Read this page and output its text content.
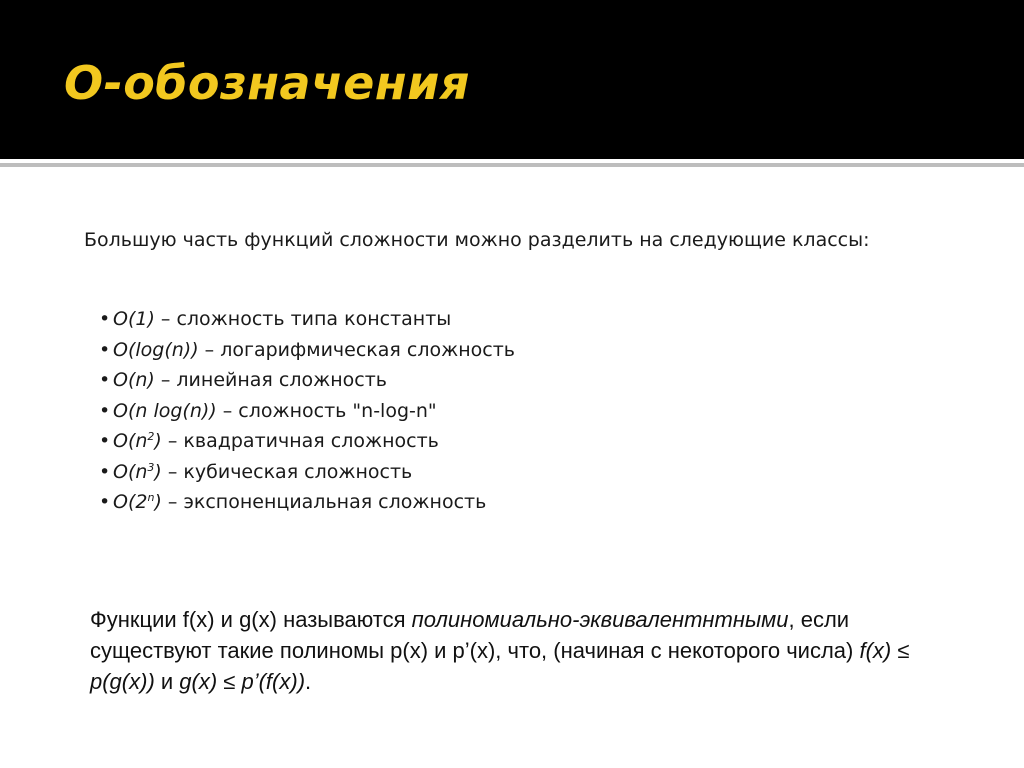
О-обозначения

Большую часть функций сложности можно разделить на следующие классы:

• O(1) – сложность типа константы
• O(log(n)) – логарифмическая сложность
• O(n) – линейная сложность
• O(n log(n)) – сложность "n-log-n"
• $O(n^2)$ – квадратичная сложность
• $O(n^3)$ – кубическая сложность
• O(2$^n$) – экспоненциальная сложность

Функции f(x) и g(x) называются полиномиально-эквивалентнтными, если существуют такие полиномы p(x) и p’(x), что, (начиная с некоторого числа) f(x) ≤ p(g(x)) и g(x) ≤ p’(f(x)).
